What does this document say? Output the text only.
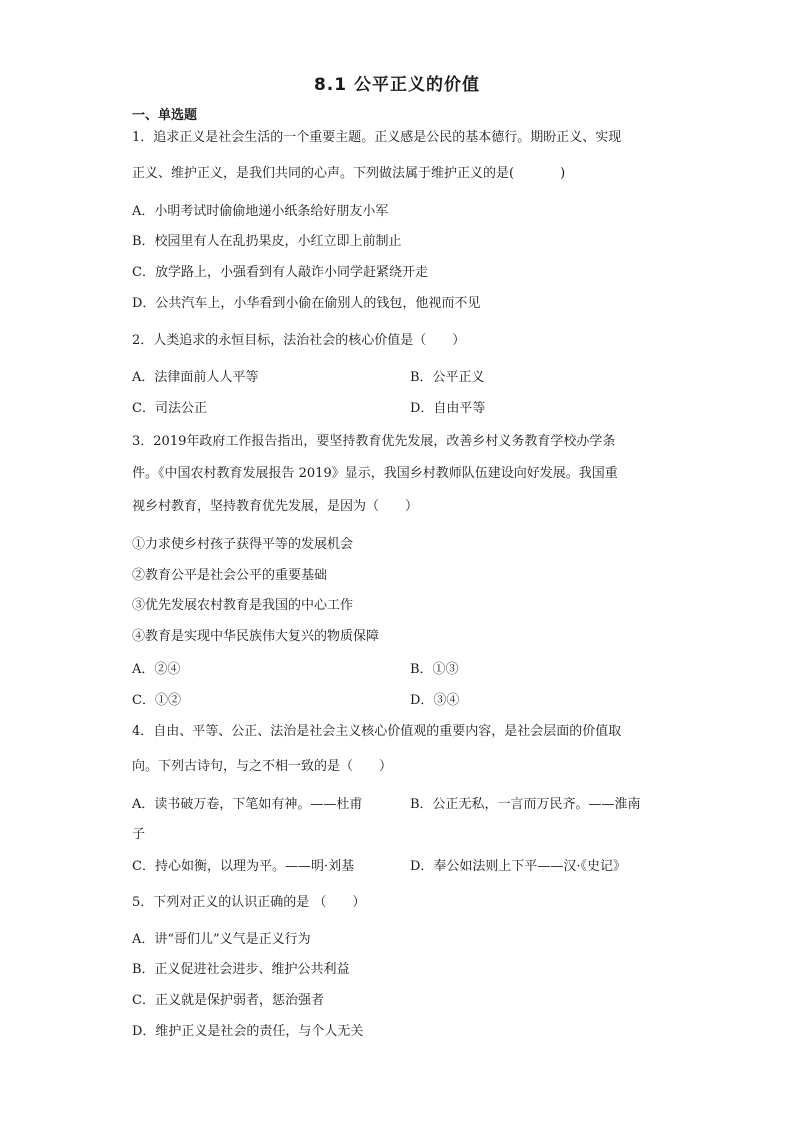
8.1 公平正义的价值
一、单选题
1．追求正义是社会生活的一个重要主题。正义感是公民的基本德行。期盼正义、实现
正义、维护正义，是我们共同的心声。下列做法属于维护正义的是(	)
A．小明考试时偷偷地递小纸条给好朋友小军
B．校园里有人在乱扔果皮，小红立即上前制止
C．放学路上，小强看到有人敲诈小同学赶紧绕开走
D．公共汽车上，小华看到小偷在偷别人的钱包，他视而不见
2．人类追求的永恒目标，法治社会的核心价值是（ ）
A．法律面前人人平等	B．公平正义
C．司法公正	D．自由平等
3．2019年政府工作报告指出，要坚持教育优先发展，改善乡村义务教育学校办学条
件。《中国农村教育发展报告 2019》显示，我国乡村教师队伍建设向好发展。我国重
视乡村教育，坚持教育优先发展，是因为（ ）
①力求使乡村孩子获得平等的发展机会
②教育公平是社会公平的重要基础
③优先发展农村教育是我国的中心工作
④教育是实现中华民族伟大复兴的物质保障
A．②④	B．①③
C．①②	D．③④
4．自由、平等、公正、法治是社会主义核心价值观的重要内容，是社会层面的价值取
向。下列古诗句，与之不相一致的是（ ）
A．读书破万卷，下笔如有神。——杜甫	B．公正无私，一言而万民齐。——淮南
子
C．持心如衡，以理为平。——明·刘基	D．奉公如法则上下平——汉·《史记》
5．下列对正义的认识正确的是 （ ）
A．讲“哥们儿”义气是正义行为
B．正义促进社会进步、维护公共利益
C．正义就是保护弱者，惩治强者
D．维护正义是社会的责任，与个人无关
